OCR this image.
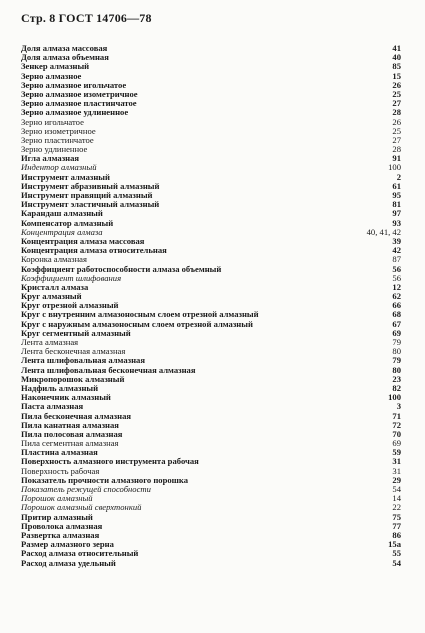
Стр. 8 ГОСТ 14706—78
Доля алмаза массовая	41
Доля алмаза объемная	40
Зенкер алмазный	85
Зерно алмазное	15
Зерно алмазное игольчатое	26
Зерно алмазное изометричное	25
Зерно алмазное пластинчатое	27
Зерно алмазное удлиненное	28
Зерно игольчатое	26
Зерно изометричное	25
Зерно пластинчатое	27
Зерно удлиненное	28
Игла алмазная	91
Индентор алмазный	100
Инструмент алмазный	2
Инструмент абразивный алмазный	61
Инструмент правящий алмазный	95
Инструмент эластичный алмазный	81
Карандаш алмазный	97
Компенсатор алмазный	93
Концентрация алмаза	40, 41, 42
Концентрация алмаза массовая	39
Концентрация алмаза относительная	42
Коронка алмазная	87
Коэффициент работоспособности алмаза объемный	56
Коэффициент шлифования	56
Кристалл алмаза	12
Круг алмазный	62
Круг отрезной алмазный	66
Круг с внутренним алмазоносным слоем отрезной алмазный	68
Круг с наружным алмазоносным слоем отрезной алмазный	67
Круг сегментный алмазный	69
Лента алмазная	79
Лента бесконечная алмазная	80
Лента шлифовальная алмазная	79
Лента шлифовальная бесконечная алмазная	80
Микропорошок алмазный	23
Надфиль алмазный	82
Наконечник алмазный	100
Паста алмазная	3
Пила бесконечная алмазная	71
Пила канатная алмазная	72
Пила полосовая алмазная	70
Пила сегментная алмазная	69
Пластина алмазная	59
Поверхность алмазного инструмента рабочая	31
Поверхность рабочая	31
Показатель прочности алмазного порошка	29
Показатель режущей способности	54
Порошок алмазный	14
Порошок алмазный сверхтонкий	22
Притир алмазный	75
Проволока алмазная	77
Развертка алмазная	86
Размер алмазного зерна	15a
Расход алмаза относительный	55
Расход алмаза удельный	54
